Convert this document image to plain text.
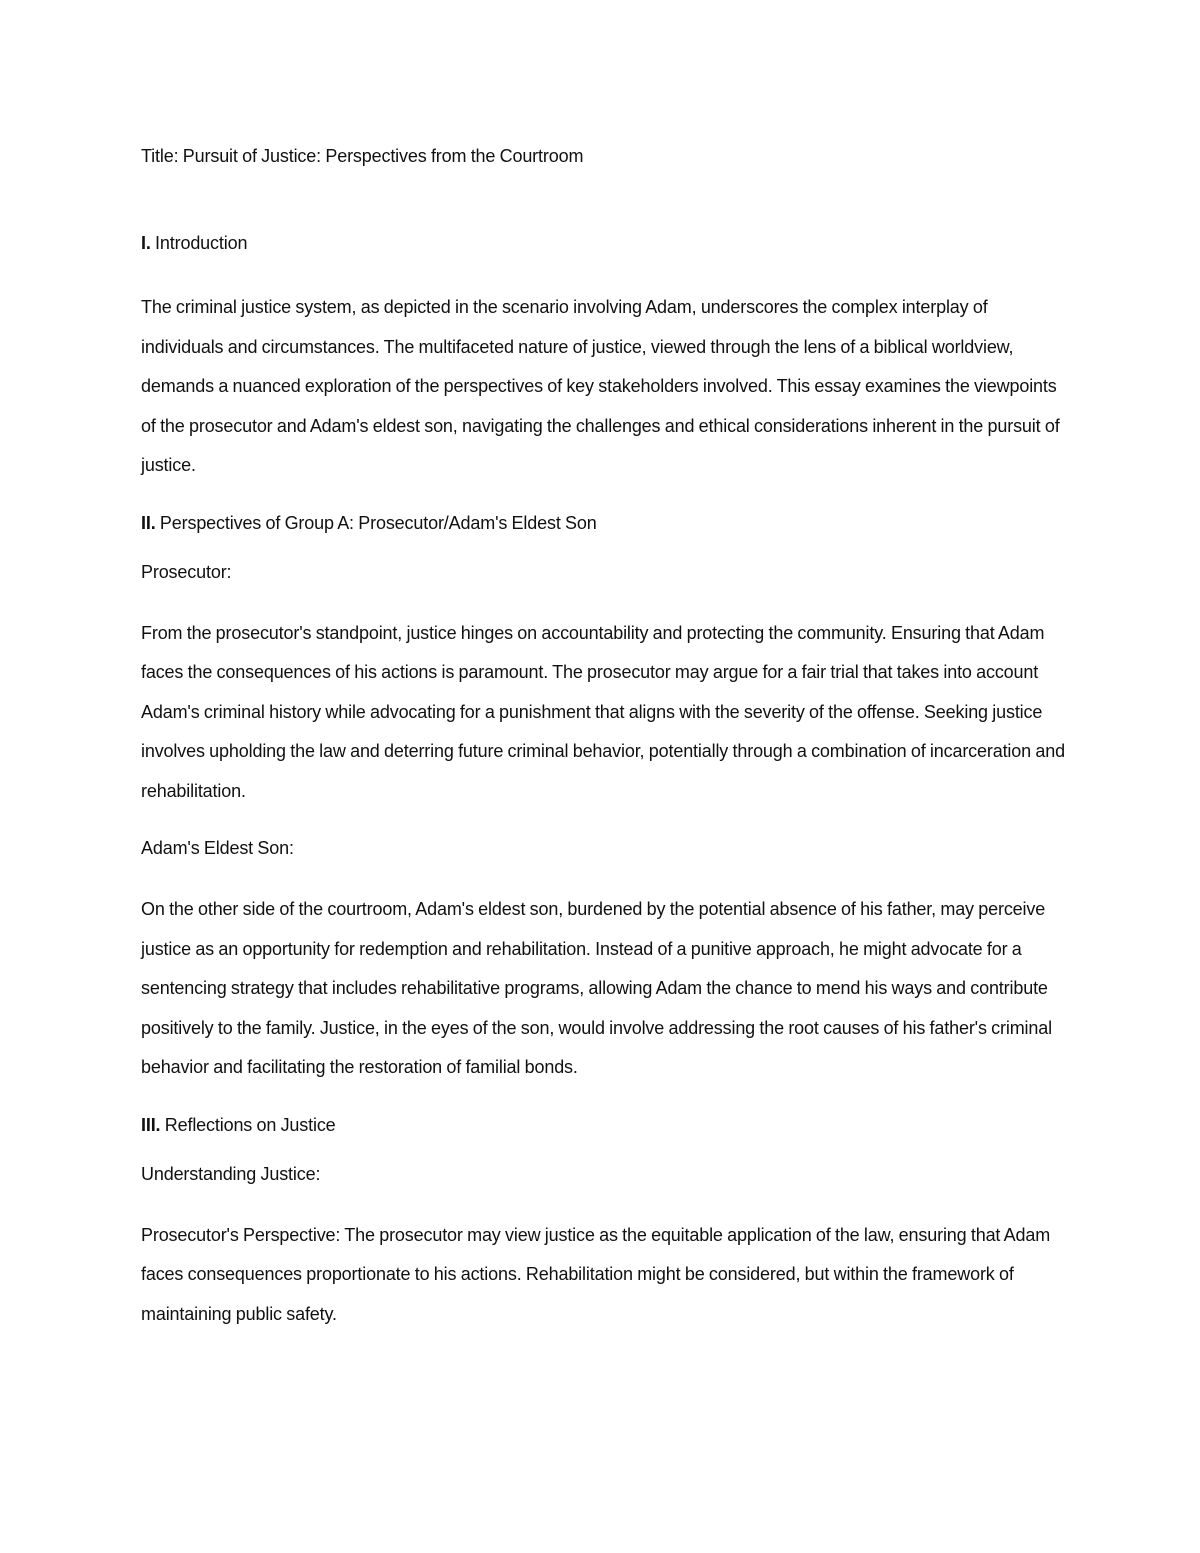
Title: Pursuit of Justice: Perspectives from the Courtroom

I. Introduction

The criminal justice system, as depicted in the scenario involving Adam, underscores the complex interplay of individuals and circumstances. The multifaceted nature of justice, viewed through the lens of a biblical worldview, demands a nuanced exploration of the perspectives of key stakeholders involved. This essay examines the viewpoints of the prosecutor and Adam's eldest son, navigating the challenges and ethical considerations inherent in the pursuit of justice.

II. Perspectives of Group A: Prosecutor/Adam's Eldest Son

Prosecutor:

From the prosecutor's standpoint, justice hinges on accountability and protecting the community. Ensuring that Adam faces the consequences of his actions is paramount. The prosecutor may argue for a fair trial that takes into account Adam's criminal history while advocating for a punishment that aligns with the severity of the offense. Seeking justice involves upholding the law and deterring future criminal behavior, potentially through a combination of incarceration and rehabilitation.

Adam's Eldest Son:

On the other side of the courtroom, Adam's eldest son, burdened by the potential absence of his father, may perceive justice as an opportunity for redemption and rehabilitation. Instead of a punitive approach, he might advocate for a sentencing strategy that includes rehabilitative programs, allowing Adam the chance to mend his ways and contribute positively to the family. Justice, in the eyes of the son, would involve addressing the root causes of his father's criminal behavior and facilitating the restoration of familial bonds.

III. Reflections on Justice

Understanding Justice:

Prosecutor's Perspective: The prosecutor may view justice as the equitable application of the law, ensuring that Adam faces consequences proportionate to his actions. Rehabilitation might be considered, but within the framework of maintaining public safety.
